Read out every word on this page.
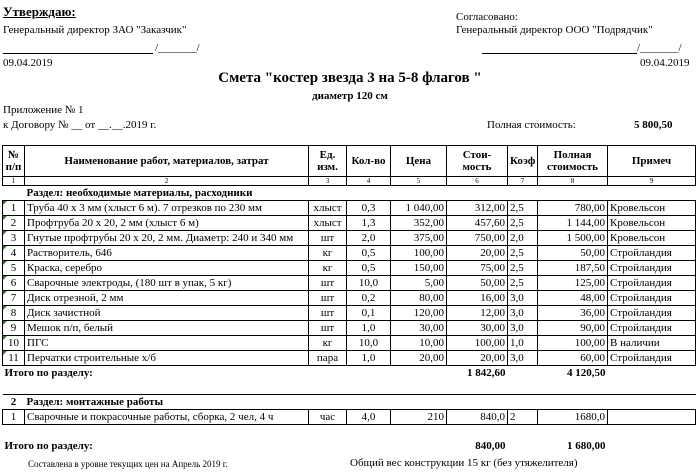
Утверждаю:
Генеральный директор ЗАО "Заказчик"
/_______/
09.04.2019
Согласовано:
Генеральный директор ООО "Подрядчик"
/_______/
09.04.2019
Смета "костер звезда 3 на 5-8 флагов "
диаметр 120 см
Приложение № 1
к Договору № __ от __.__.2019 г.	Полная стоимость:	5 800,50
№ п/п	Наименование работ, материалов, затрат	Ед. изм.	Кол-во	Цена	Стои-мость	Коэф	Полная стоимость	Примеч
1	2	3	4	5	6	7	8	9
	Раздел: необходимые материалы, расходники							
1	Труба 40 х 3 мм (хлыст 6 м). 7 отрезков по 230 мм	хлыст	0,3	1 040,00	312,00	2,5	780,00	Кровельсон
2	Профтруба 20 х 20, 2 мм (хлыст 6 м)	хлыст	1,3	352,00	457,60	2,5	1 144,00	Кровельсон
3	Гнутые профтрубы 20 х 20, 2 мм. Диаметр: 240 и 340 мм	шт	2,0	375,00	750,00	2,0	1 500,00	Кровельсон
4	Растворитель, 646	кг	0,5	100,00	20,00	2,5	50,00	Стройландия
5	Краска, серебро	кг	0,5	150,00	75,00	2,5	187,50	Стройландия
6	Сварочные электроды, (180 шт в упак, 5 кг)	шт	10,0	5,00	50,00	2,5	125,00	Стройландия
7	Диск отрезной, 2 мм	шт	0,2	80,00	16,00	3,0	48,00	Стройландия
8	Диск зачистной	шт	0,1	120,00	12,00	3,0	36,00	Стройландия
9	Мешок п/п, белый	шт	1,0	30,00	30,00	3,0	90,00	Стройландия
10	ПГС	кг	10,0	10,00	100,00	1,0	100,00	В наличии
11	Перчатки строительные х/б	пара	1,0	20,00	20,00	3,0	60,00	Стройландия
Итого по разделу:					1 842,60		4 120,50	

2	Раздел: монтажные работы							
1	Сварочные и покрасочные работы, сборка, 2 чел, 4 ч	час	4,0	210	840,0	2	1680,0	

Итого по разделу:					840,00		1 680,00	
Составлена в уровне текущих цен на Апрель 2019 г.	Общий вес конструкции 15 кг (без утяжелителя)
